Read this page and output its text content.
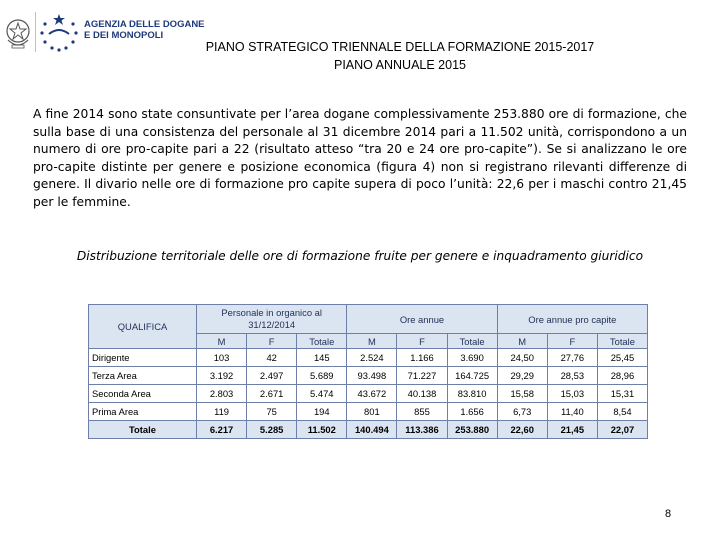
AGENZIA DELLE DOGANE
E DEI MONOPOLI
PIANO STRATEGICO TRIENNALE DELLA FORMAZIONE 2015-2017
PIANO ANNUALE 2015

A fine 2014 sono state consuntivate per l’area dogane complessivamente 253.880 ore di formazione, che sulla base di una consistenza del personale al 31 dicembre 2014 pari a 11.502 unità, corrispondono a un numero di ore pro-capite pari a 22 (risultato atteso “tra 20 e 24 ore pro-capite”). Se si analizzano le ore pro-capite distinte per genere e posizione economica (figura 4) non si registrano rilevanti differenze di genere. Il divario nelle ore di formazione pro capite supera di poco l’unità: 22,6 per i maschi contro 21,45 per le femmine.

Distribuzione territoriale delle ore di formazione fruite per genere e inquadramento giuridico

QUALIFICA	Personale in organico al 31/12/2014			Ore annue			Ore annue pro capite		
	M	F	Totale	M	F	Totale	M	F	Totale
Dirigente	103	42	145	2.524	1.166	3.690	24,50	27,76	25,45
Terza Area	3.192	2.497	5.689	93.498	71.227	164.725	29,29	28,53	28,96
Seconda Area	2.803	2.671	5.474	43.672	40.138	83.810	15,58	15,03	15,31
Prima Area	119	75	194	801	855	1.656	6,73	11,40	8,54
Totale	6.217	5.285	11.502	140.494	113.386	253.880	22,60	21,45	22,07
8
